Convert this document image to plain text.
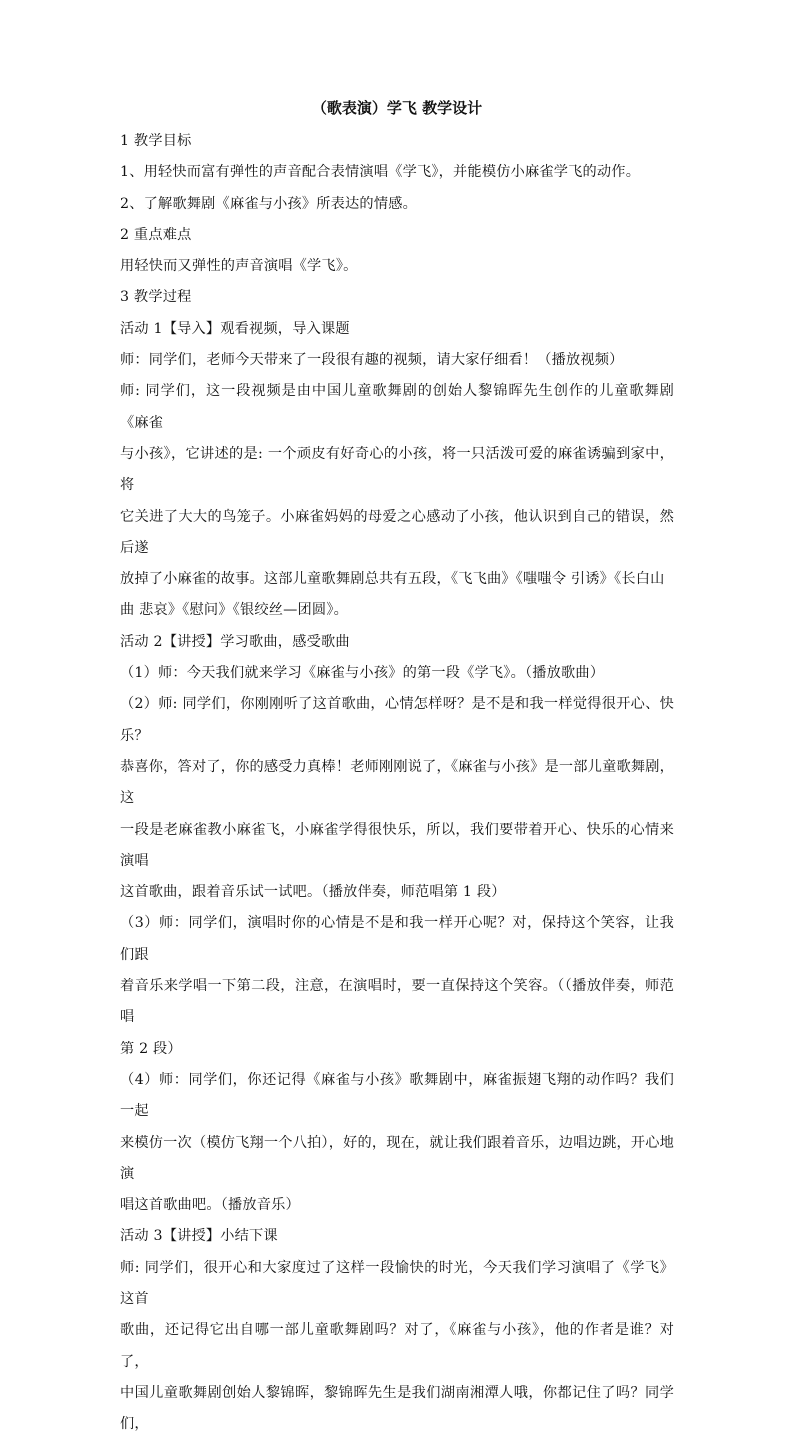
（歌表演）学飞 教学设计
1 教学目标
1、用轻快而富有弹性的声音配合表情演唱《学飞》，并能模仿小麻雀学飞的动作。
2、了解歌舞剧《麻雀与小孩》所表达的情感。
2 重点难点
用轻快而又弹性的声音演唱《学飞》。
3 教学过程
活动 1【导入】观看视频，导入课题
师：同学们，老师今天带来了一段很有趣的视频，请大家仔细看！（播放视频）
师: 同学们，这一段视频是由中国儿童歌舞剧的创始人黎锦晖先生创作的儿童歌舞剧《麻雀
与小孩》，它讲述的是: 一个顽皮有好奇心的小孩，将一只活泼可爱的麻雀诱骗到家中，将
它关进了大大的鸟笼子。小麻雀妈妈的母爱之心感动了小孩，他认识到自己的错误，然后遂
放掉了小麻雀的故事。这部儿童歌舞剧总共有五段，《飞飞曲》《嗤嗤令 引诱》《长白山
曲 悲哀》《慰问》《银绞丝—团圆》。
活动 2【讲授】学习歌曲，感受歌曲
（1）师：今天我们就来学习《麻雀与小孩》的第一段《学飞》。（播放歌曲）
（2）师: 同学们，你刚刚听了这首歌曲，心情怎样呀？是不是和我一样觉得很开心、快乐？
恭喜你，答对了，你的感受力真棒！老师刚刚说了，《麻雀与小孩》是一部儿童歌舞剧，这
一段是老麻雀教小麻雀飞，小麻雀学得很快乐，所以，我们要带着开心、快乐的心情来演唱
这首歌曲，跟着音乐试一试吧。（播放伴奏，师范唱第 1 段）
（3）师：同学们，演唱时你的心情是不是和我一样开心呢？对，保持这个笑容，让我们跟
着音乐来学唱一下第二段，注意，在演唱时，要一直保持这个笑容。（（播放伴奏，师范唱
第 2 段）
（4）师：同学们，你还记得《麻雀与小孩》歌舞剧中，麻雀振翅飞翔的动作吗？我们一起
来模仿一次（模仿飞翔一个八拍），好的，现在，就让我们跟着音乐，边唱边跳，开心地演
唱这首歌曲吧。（播放音乐）
活动 3【讲授】小结下课
师: 同学们，很开心和大家度过了这样一段愉快的时光，今天我们学习演唱了《学飞》这首
歌曲，还记得它出自哪一部儿童歌舞剧吗？对了，《麻雀与小孩》，他的作者是谁？对了，
中国儿童歌舞剧创始人黎锦晖，黎锦晖先生是我们湖南湘潭人哦，你都记住了吗？同学们，
